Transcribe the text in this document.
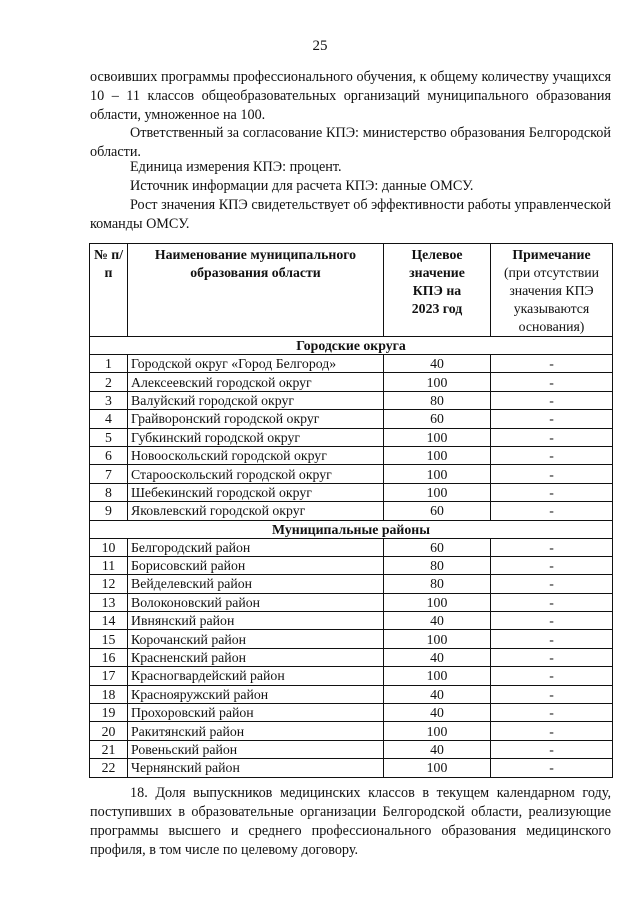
25

освоивших программы профессионального обучения, к общему количеству учащихся 10 – 11 классов общеобразовательных организаций муниципального образования области, умноженное на 100.

Ответственный за согласование КПЭ: министерство образования Белгородской области.

Единица измерения КПЭ: процент.

Источник информации для расчета КПЭ: данные ОМСУ.

Рост значения КПЭ свидетельствует об эффективности работы управленческой команды ОМСУ.

№ п/п	Наименование муниципального образования области	Целевое значение КПЭ на 2023 год	Примечание
(при отсутствии значения КПЭ указываются основания)

Городские округа			
1	Городской округ «Город Белгород»	40	-
2	Алексеевский городской округ	100	-
3	Валуйский городской округ	80	-
4	Грайворонский городской округ	60	-
5	Губкинский городской округ	100	-
6	Новооскольский городской округ	100	-
7	Старооскольский городской округ	100	-
8	Шебекинский городской округ	100	-
9	Яковлевский городской округ	60	-
Муниципальные районы			
10	Белгородский район	60	-
11	Борисовский район	80	-
12	Вейделевский район	80	-
13	Волоконовский район	100	-
14	Ивнянский район	40	-
15	Корочанский район	100	-
16	Красненский район	40	-
17	Красногвардейский район	100	-
18	Краснояружский район	40	-
19	Прохоровский район	40	-
20	Ракитянский район	100	-
21	Ровеньский район	40	-
22	Чернянский район	100	-

18. Доля выпускников медицинских классов в текущем календарном году, поступивших в образовательные организации Белгородской области, реализующие программы высшего и среднего профессионального образования медицинского профиля, в том числе по целевому договору.
